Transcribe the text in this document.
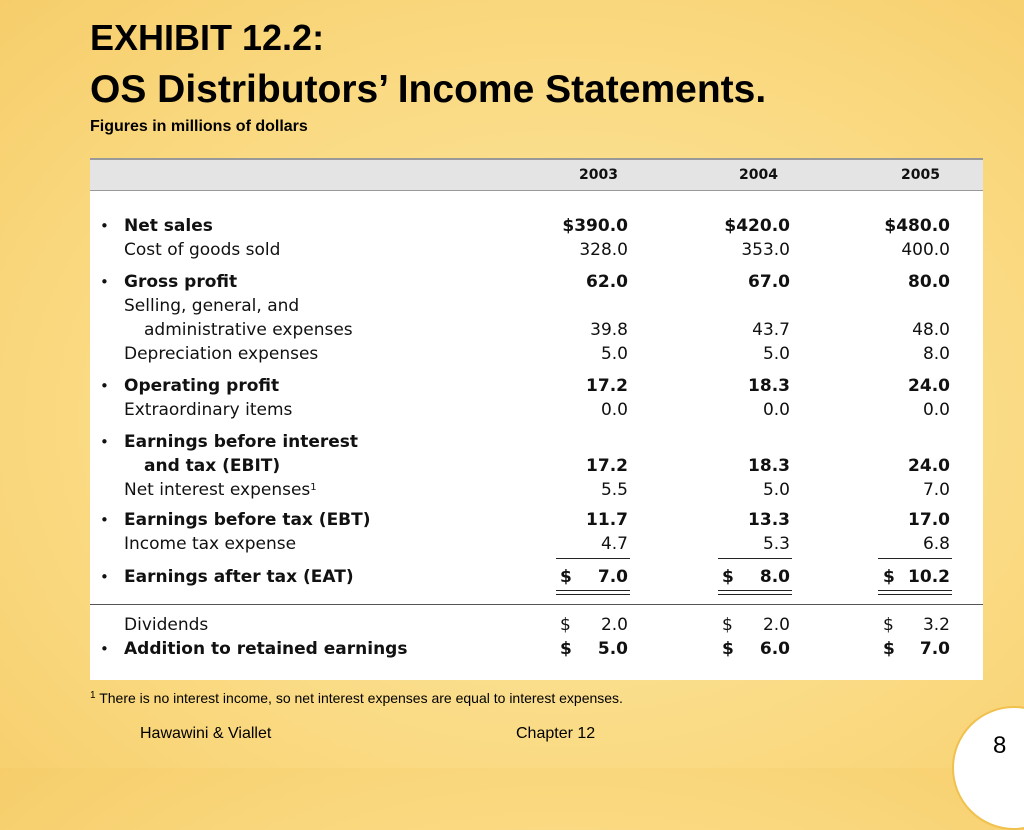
EXHIBIT 12.2:
OS Distributors’ Income Statements.
Figures in millions of dollars
2003	2004	2005
• Net sales	$390.0	$420.0	$480.0
Cost of goods sold	328.0	353.0	400.0
• Gross profit	62.0	67.0	80.0
Selling, general, and
administrative expenses	39.8	43.7	48.0
Depreciation expenses	5.0	5.0	8.0
• Operating profit	17.2	18.3	24.0
Extraordinary items	0.0	0.0	0.0
• Earnings before interest
and tax (EBIT)	17.2	18.3	24.0
Net interest expenses$^1$	5.5	5.0	7.0
• Earnings before tax (EBT)	11.7	13.3	17.0
Income tax expense	4.7	5.3	6.8
• Earnings after tax (EAT)	$	7.0	$	8.0	$ 10.2
Dividends	$	2.0	$	2.0	$	3.2
• Addition to retained earnings	$	5.0	$	6.0	$	7.0
$^1$ There is no interest income, so net interest expenses are equal to interest expenses.
Hawawini & Viallet	Chapter 12	8
